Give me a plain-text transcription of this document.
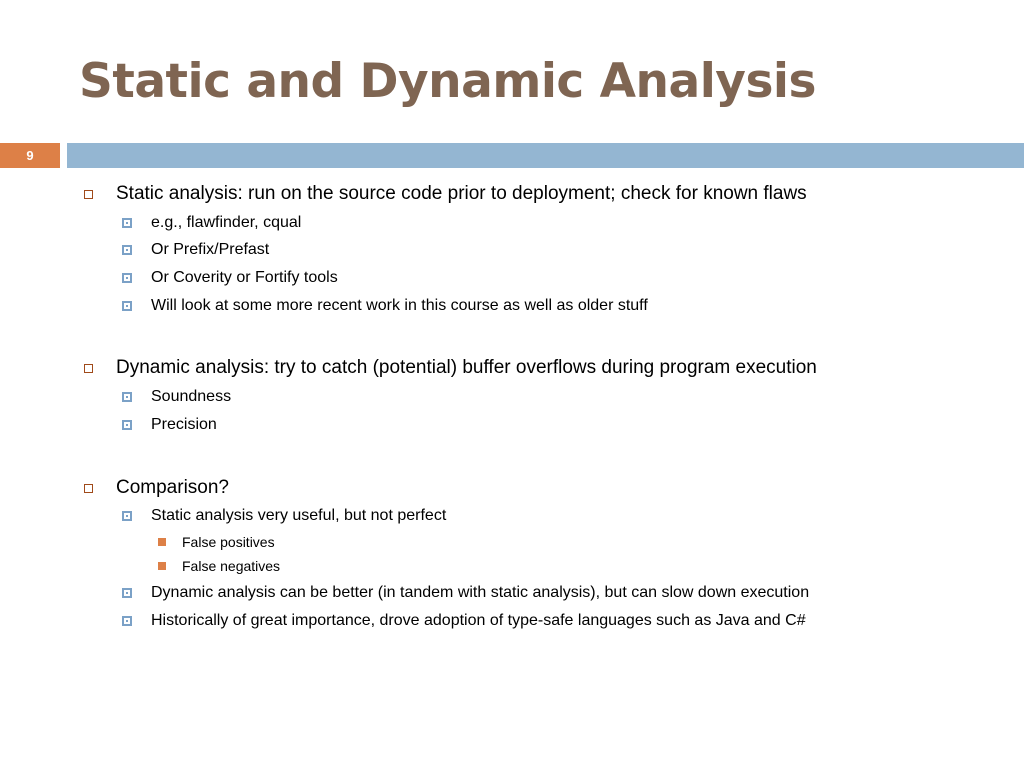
Static and Dynamic Analysis
9
Static analysis: run on the source code prior to deployment; check for known flaws
e.g., flawfinder, cqual
Or Prefix/Prefast
Or Coverity or Fortify tools
Will look at some more recent work in this course as well as older stuff
Dynamic analysis: try to catch (potential) buffer overflows during program execution
Soundness
Precision
Comparison?
Static analysis very useful, but not perfect
False positives
False negatives
Dynamic analysis can be better (in tandem with static analysis), but can slow down execution
Historically of great importance, drove adoption of type-safe languages such as Java and C#
